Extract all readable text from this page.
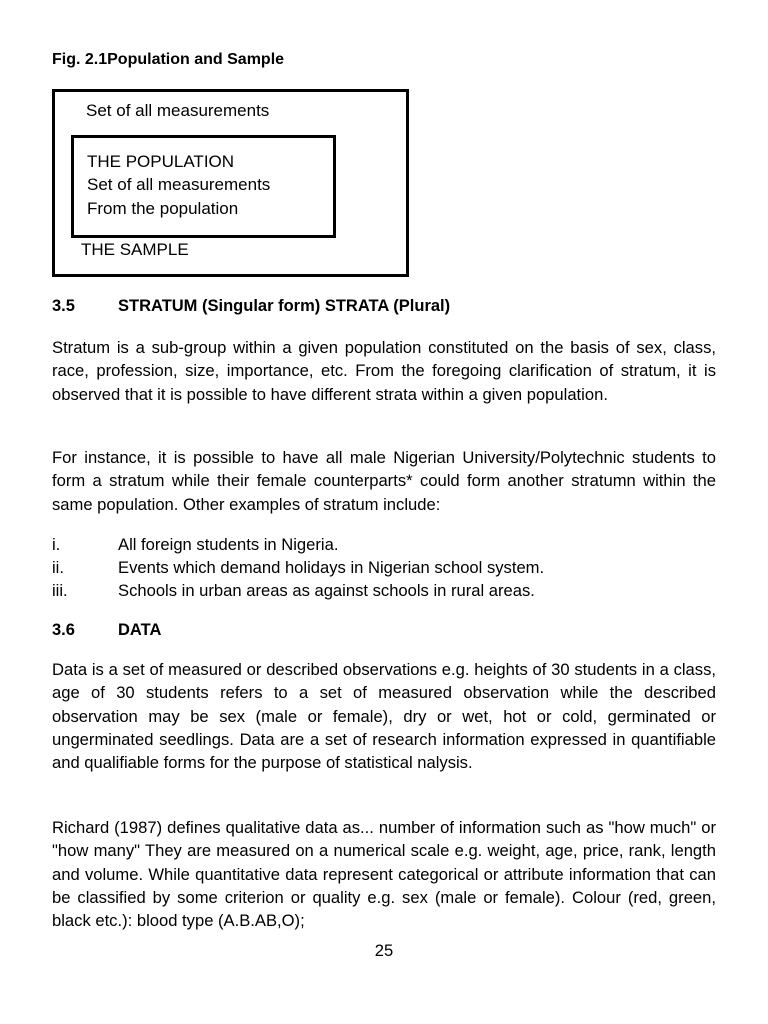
Fig. 2.1Population and Sample
Set of all measurements
THE POPULATION
Set of all measurements
From the population
THE SAMPLE
3.5	STRATUM (Singular form) STRATA (Plural)
Stratum is a sub-group within a given population constituted on the basis of sex, class, race, profession, size, importance, etc. From the foregoing clarification of stratum, it is observed that it is possible to have different strata within a given population.
For instance, it is possible to have all male Nigerian University/Polytechnic students to form a stratum while their female counterparts* could form another stratumn within the same population. Other examples of stratum include:
i.	All foreign students in Nigeria.
ii.	Events which demand holidays in Nigerian school system.
iii.	Schools in urban areas as against schools in rural areas.
3.6	DATA
Data is a set of measured or described observations e.g. heights of 30 students in a class, age of 30 students refers to a set of measured observation while the described observation may be sex (male or female), dry or wet, hot or cold, germinated or ungerminated seedlings. Data are a set of research information expressed in quantifiable and qualifiable forms for the purpose of statistical nalysis.
Richard (1987) defines qualitative data as... number of information such as "how much" or "how many" They are measured on a numerical scale e.g. weight, age, price, rank, length and volume. While quantitative data represent categorical or attribute information that can be classified by some criterion or quality e.g. sex (male or female). Colour (red, green, black etc.): blood type (A.B.AB,O);
25
